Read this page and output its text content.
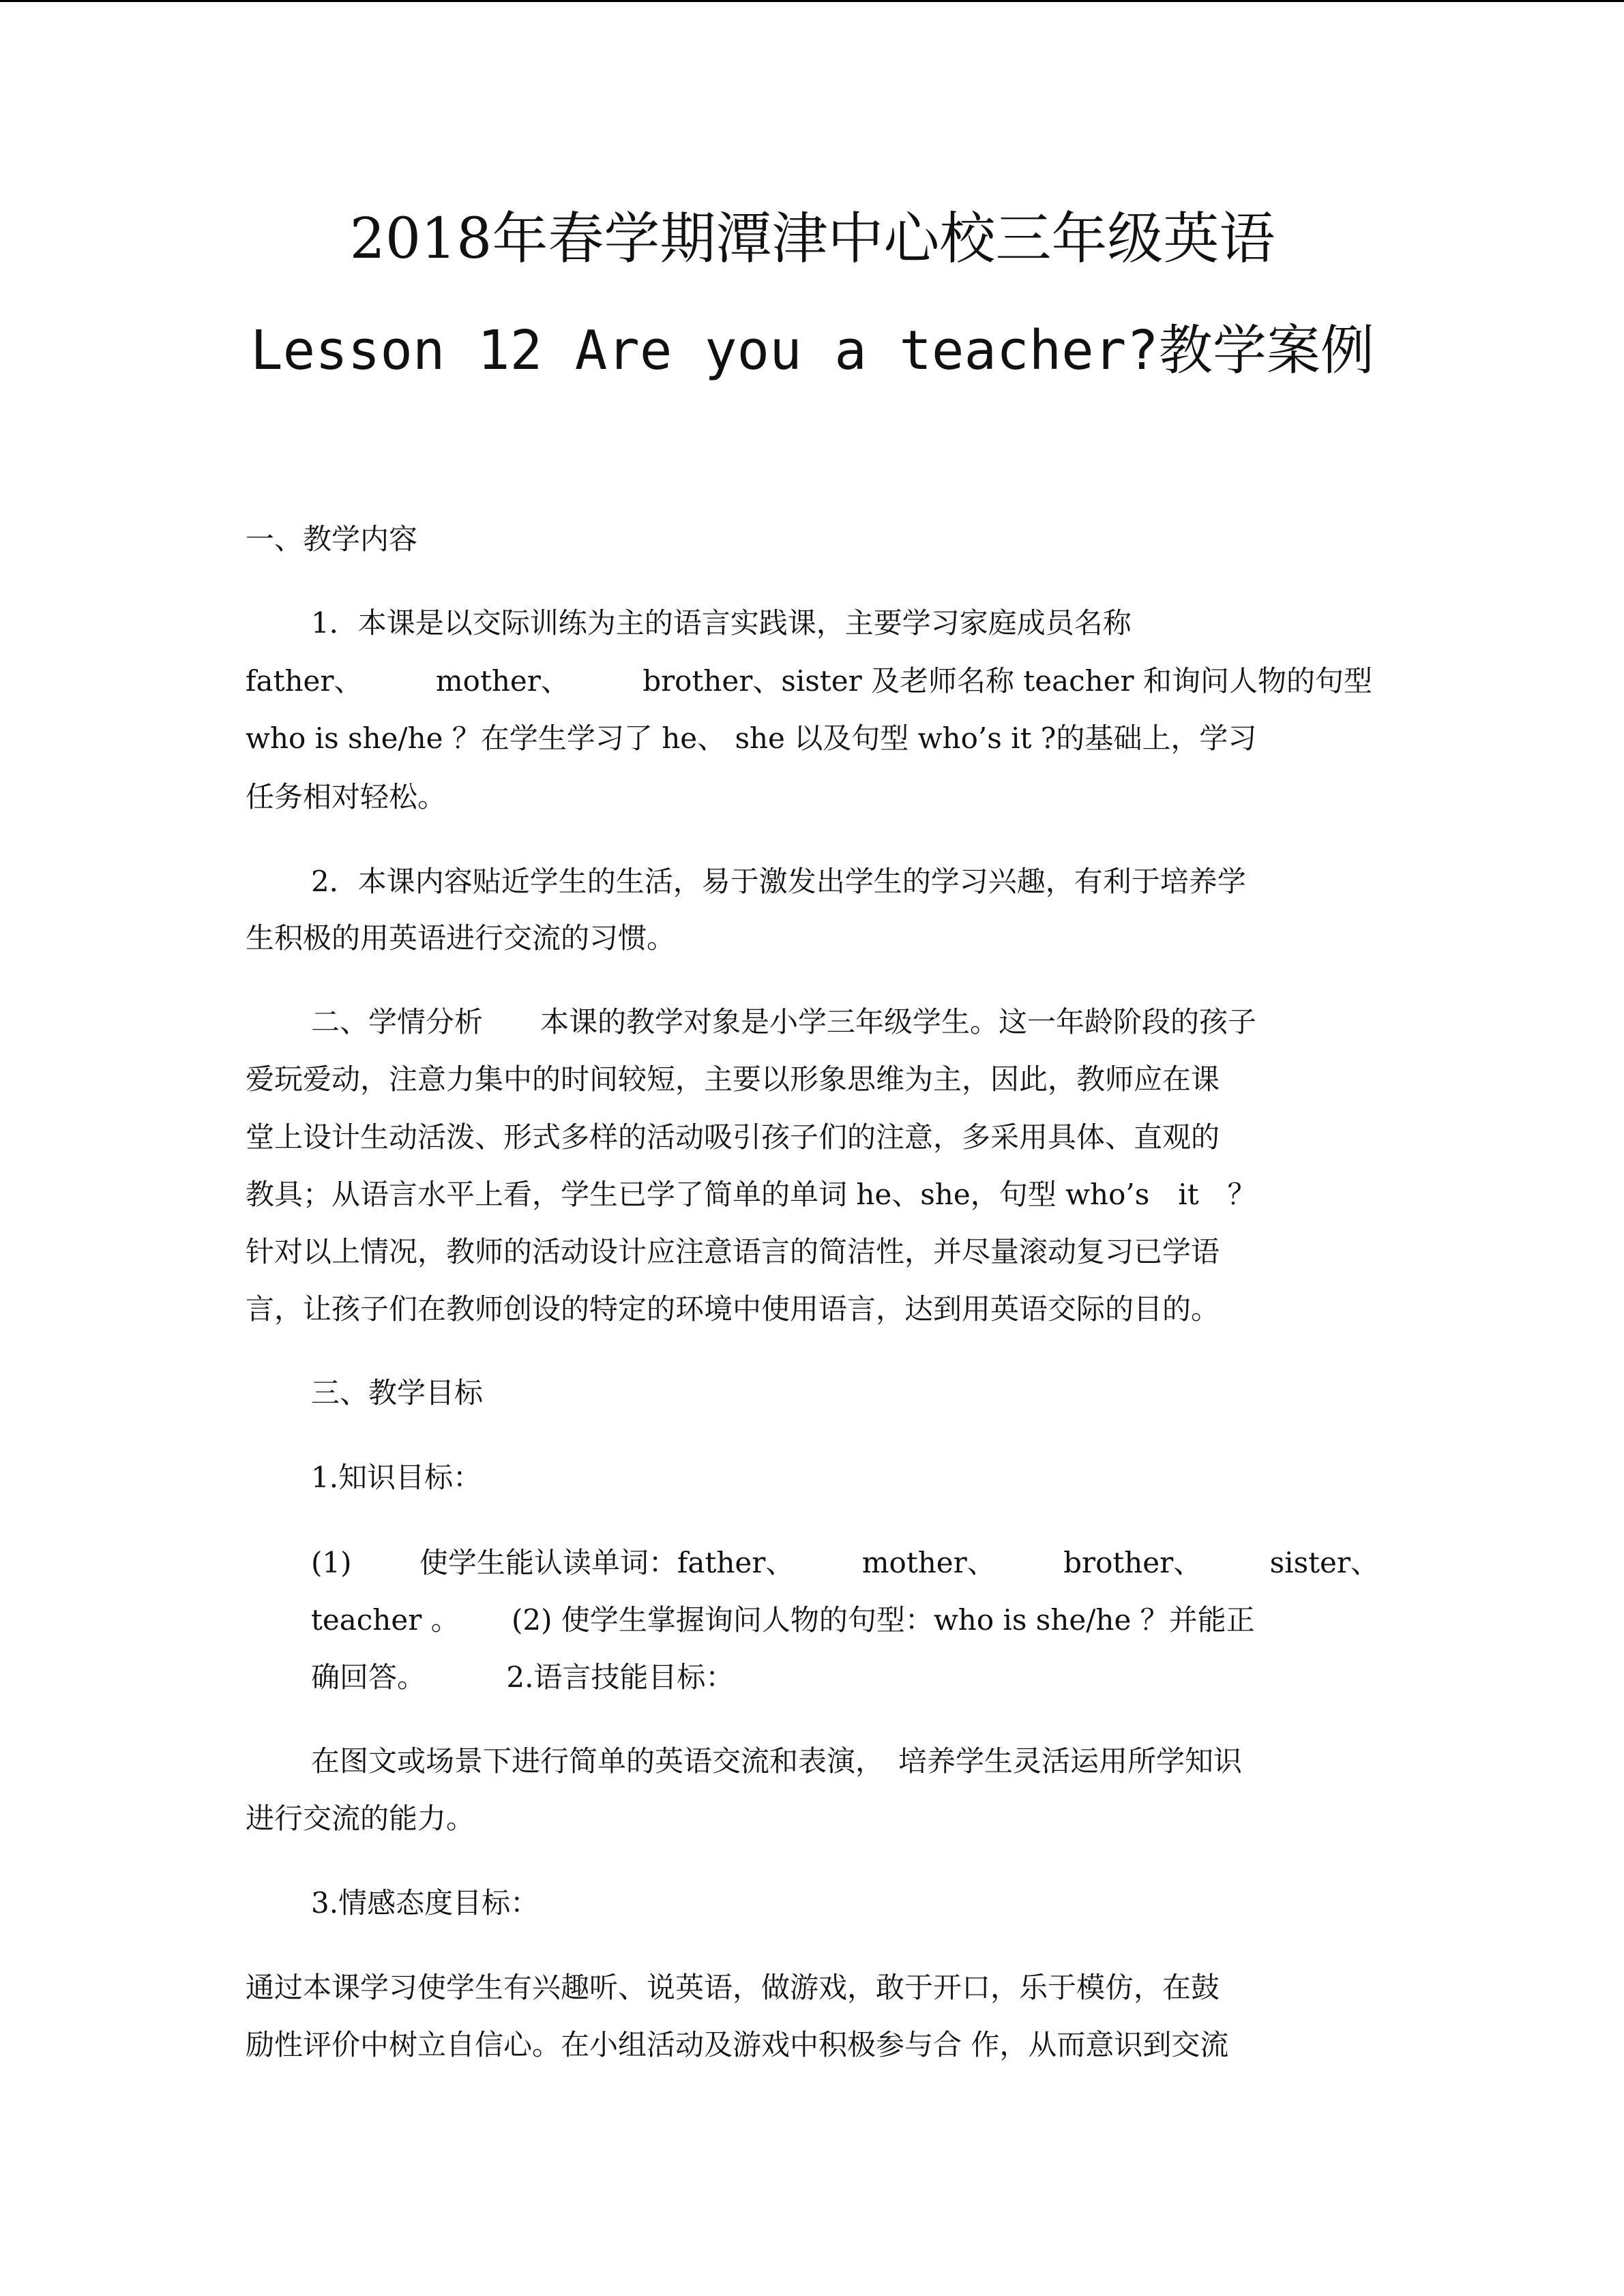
2018年春学期潭津中心校三年级英语
Lesson 12 Are you a teacher?教学案例
一、教学内容
1．本课是以交际训练为主的语言实践课，主要学习家庭成员名称
father、	mother、	brother、sister 及老师名称 teacher 和询问人物的句型
who is she/he ？在学生学习了 he、 she 以及句型 who’s it ?的基础上，学习
任务相对轻松。
2．本课内容贴近学生的生活，易于激发出学生的学习兴趣，有利于培养学
生积极的用英语进行交流的习惯。
二、学情分析　　本课的教学对象是小学三年级学生。这一年龄阶段的孩子
爱玩爱动，注意力集中的时间较短，主要以形象思维为主，因此，教师应在课
堂上设计生动活泼、形式多样的活动吸引孩子们的注意，多采用具体、直观的
教具；从语言水平上看，学生已学了简单的单词 he、she，句型 who’s　it　？
针对以上情况，教师的活动设计应注意语言的简洁性，并尽量滚动复习已学语
言，让孩子们在教师创设的特定的环境中使用语言，达到用英语交际的目的。
三、教学目标
1.知识目标：
(1) 使学生能认读单词：father、 mother、 brother、 sister、
teacher 。　　 (2) 使学生掌握询问人物的句型：who is she/he ？并能正
确回答。　　　 2.语言技能目标：
在图文或场景下进行简单的英语交流和表演，　培养学生灵活运用所学知识
进行交流的能力。
3.情感态度目标：
通过本课学习使学生有兴趣听、说英语，做游戏，敢于开口，乐于模仿，在鼓
励性评价中树立自信心。在小组活动及游戏中积极参与合 作，从而意识到交流
